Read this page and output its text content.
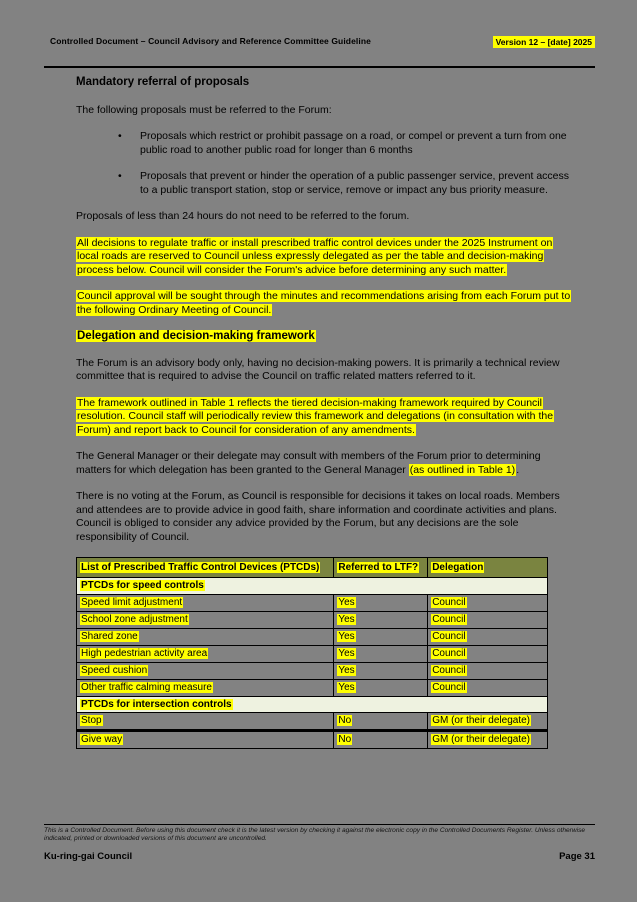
Controlled Document – Council Advisory and Reference Committee Guideline	Version 12 – [date] 2025
Mandatory referral of proposals

The following proposals must be referred to the Forum:

• Proposals which restrict or prohibit passage on a road, or compel or prevent a turn from one public road to another public road for longer than 6 months
• Proposals that prevent or hinder the operation of a public passenger service, prevent access to a public transport station, stop or service, remove or impact any bus priority measure.

Proposals of less than 24 hours do not need to be referred to the forum.

All decisions to regulate traffic or install prescribed traffic control devices under the 2025 Instrument on local roads are reserved to Council unless expressly delegated as per the table and decision-making process below. Council will consider the Forum's advice before determining any such matter.

Council approval will be sought through the minutes and recommendations arising from each Forum put to the following Ordinary Meeting of Council.

Delegation and decision-making framework

The Forum is an advisory body only, having no decision-making powers. It is primarily a technical review committee that is required to advise the Council on traffic related matters referred to it.

The framework outlined in Table 1 reflects the tiered decision-making framework required by Council resolution. Council staff will periodically review this framework and delegations (in consultation with the Forum) and report back to Council for consideration of any amendments.

The General Manager or their delegate may consult with members of the Forum prior to determining matters for which delegation has been granted to the General Manager (as outlined in Table 1).

There is no voting at the Forum, as Council is responsible for decisions it takes on local roads. Members and attendees are to provide advice in good faith, share information and coordinate activities and plans. Council is obliged to consider any advice provided by the Forum, but any decisions are the sole responsibility of Council.

List of Prescribed Traffic Control Devices (PTCDs)	Referred to LTF?	Delegation
PTCDs for speed controls		
Speed limit adjustment	Yes	Council
School zone adjustment	Yes	Council
Shared zone	Yes	Council
High pedestrian activity area	Yes	Council
Speed cushion	Yes	Council
Other traffic calming measure	Yes	Council
PTCDs for intersection controls		
Stop	No	GM (or their delegate)
Give way	No	GM (or their delegate)
This is a Controlled Document. Before using this document check it is the latest version by checking it against the electronic copy in the Controlled Documents Register. Unless otherwise indicated, printed or downloaded versions of this document are uncontrolled.
Ku-ring-gai Council	Page 31
